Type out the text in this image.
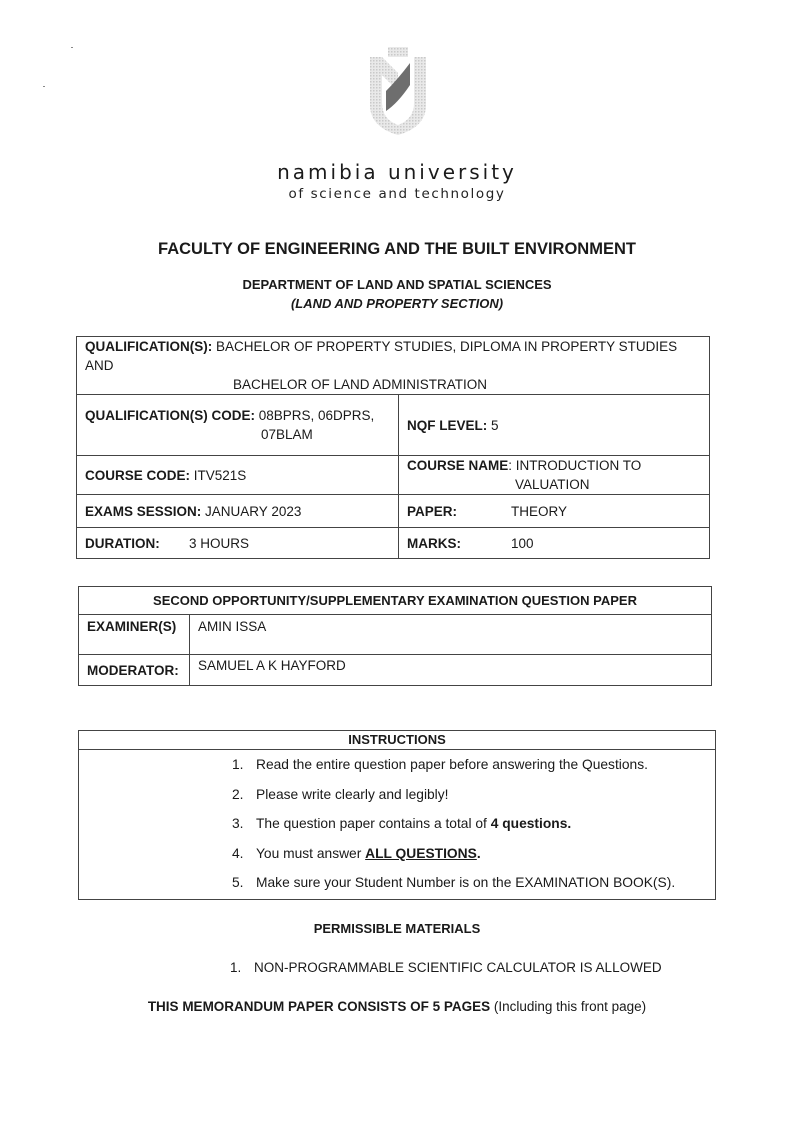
namibia university
of science and technology
FACULTY OF ENGINEERING AND THE BUILT ENVIRONMENT
DEPARTMENT OF LAND AND SPATIAL SCIENCES
(LAND AND PROPERTY SECTION)
QUALIFICATION(S): BACHELOR OF PROPERTY STUDIES, DIPLOMA IN PROPERTY STUDIES AND
BACHELOR OF LAND ADMINISTRATION	
QUALIFICATION(S) CODE: 08BPRS, 06DPRS,
07BLAM	NQF LEVEL: 5
COURSE CODE: ITV521S	COURSE NAME: INTRODUCTION TO
VALUATION
EXAMS SESSION: JANUARY 2023	PAPER: THEORY
DURATION: 3 HOURS	MARKS: 100
SECOND OPPORTUNITY/SUPPLEMENTARY EXAMINATION QUESTION PAPER	
EXAMINER(S)	AMIN ISSA
MODERATOR:	SAMUEL A K HAYFORD
INSTRUCTIONS

1. Read the entire question paper before answering the Questions.
2. Please write clearly and legibly!
3. The question paper contains a total of 4 questions.
4. You must answer ALL QUESTIONS.
5. Make sure your Student Number is on the EXAMINATION BOOK(S).
PERMISSIBLE MATERIALS
1. NON-PROGRAMMABLE SCIENTIFIC CALCULATOR IS ALLOWED
THIS MEMORANDUM PAPER CONSISTS OF 5 PAGES (Including this front page)
